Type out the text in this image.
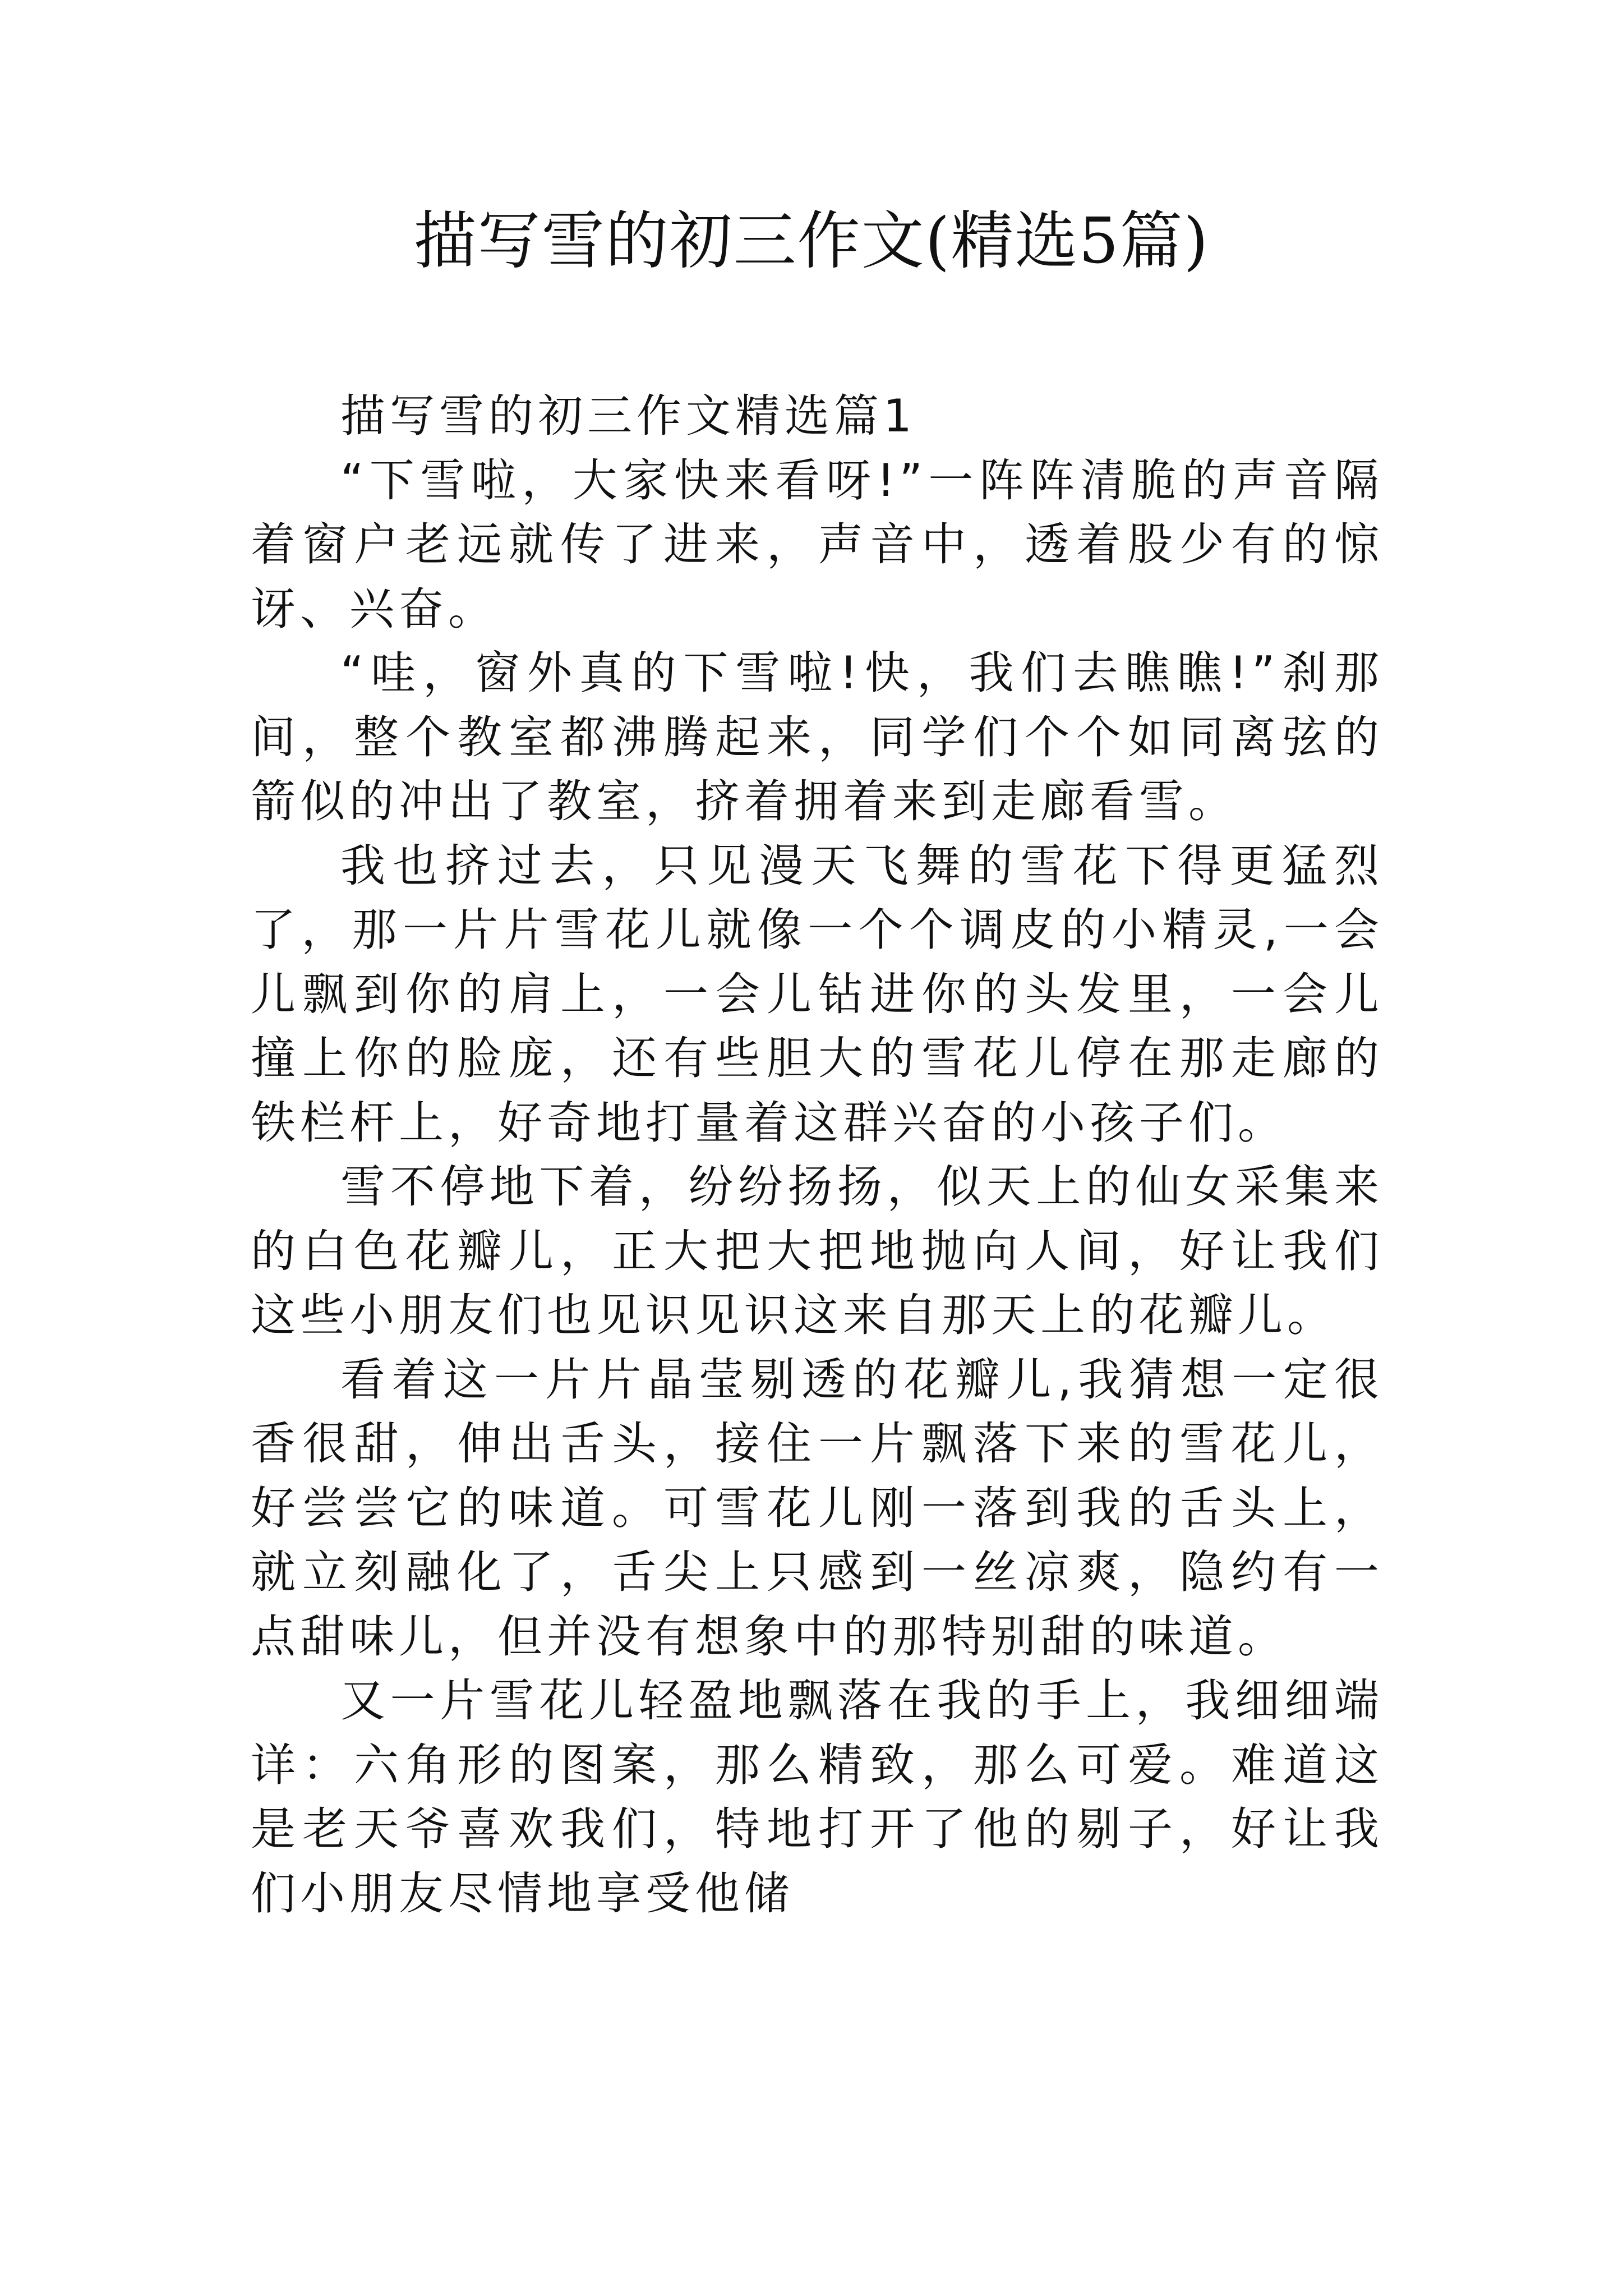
描写雪的初三作文(精选5篇)

描写雪的初三作文精选篇1

“下雪啦，大家快来看呀!”一阵阵清脆的声音隔着窗户老远就传了进来，声音中，透着股少有的惊讶、兴奋。

“哇，窗外真的下雪啦!快，我们去瞧瞧!”刹那间，整个教室都沸腾起来，同学们个个如同离弦的箭似的冲出了教室，挤着拥着来到走廊看雪。

我也挤过去，只见漫天飞舞的雪花下得更猛烈了，那一片片雪花儿就像一个个调皮的小精灵,一会儿飘到你的肩上，一会儿钻进你的头发里，一会儿撞上你的脸庞，还有些胆大的雪花儿停在那走廊的铁栏杆上，好奇地打量着这群兴奋的小孩子们。

雪不停地下着，纷纷扬扬，似天上的仙女采集来的白色花瓣儿，正大把大把地抛向人间，好让我们这些小朋友们也见识见识这来自那天上的花瓣儿。

看着这一片片晶莹剔透的花瓣儿,我猜想一定很香很甜，伸出舌头，接住一片飘落下来的雪花儿，好尝尝它的味道。可雪花儿刚一落到我的舌头上，就立刻融化了，舌尖上只感到一丝凉爽，隐约有一点甜味儿，但并没有想象中的那特别甜的味道。

又一片雪花儿轻盈地飘落在我的手上，我细细端详：六角形的图案，那么精致，那么可爱。难道这是老天爷喜欢我们，特地打开了他的剔子，好让我们小朋友尽情地享受他储
